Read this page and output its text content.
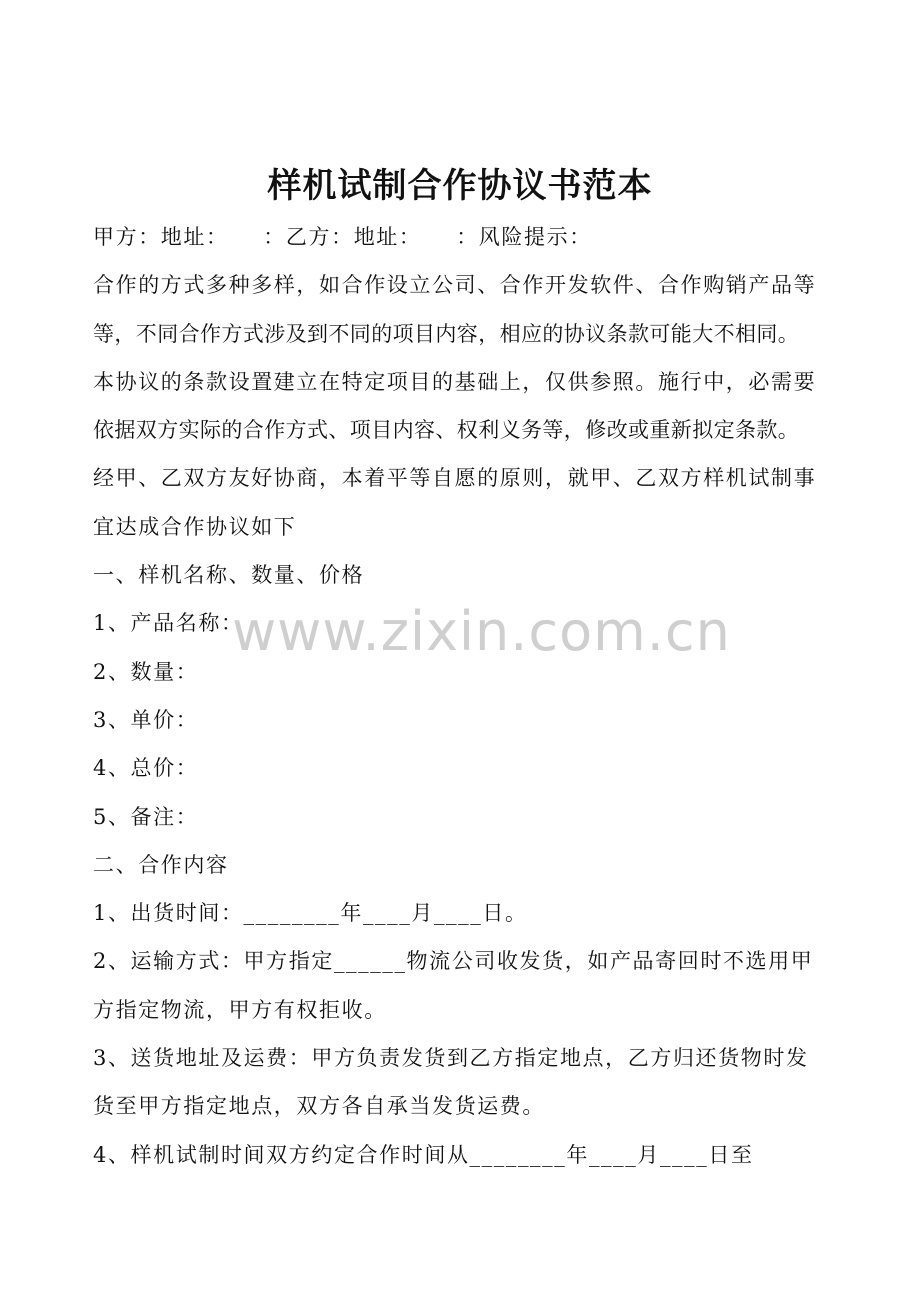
样机试制合作协议书范本
甲方：地址：　　：乙方：地址：　　：风险提示：
合作的方式多种多样，如合作设立公司、合作开发软件、合作购销产品等
等，不同合作方式涉及到不同的项目内容，相应的协议条款可能大不相同。
本协议的条款设置建立在特定项目的基础上，仅供参照。施行中，必需要
依据双方实际的合作方式、项目内容、权利义务等，修改或重新拟定条款。
经甲、乙双方友好协商，本着平等自愿的原则，就甲、乙双方样机试制事
宜达成合作协议如下
一、样机名称、数量、价格
1、产品名称：
2、数量：
3、单价：
4、总价：
5、备注：
二、合作内容
1、出货时间：________年____月____日。
2、运输方式：甲方指定______物流公司收发货，如产品寄回时不选用甲
方指定物流，甲方有权拒收。
3、送货地址及运费：甲方负责发货到乙方指定地点，乙方归还货物时发
货至甲方指定地点，双方各自承当发货运费。
4、样机试制时间双方约定合作时间从________年____月____日至
www.zixin.com.cn
